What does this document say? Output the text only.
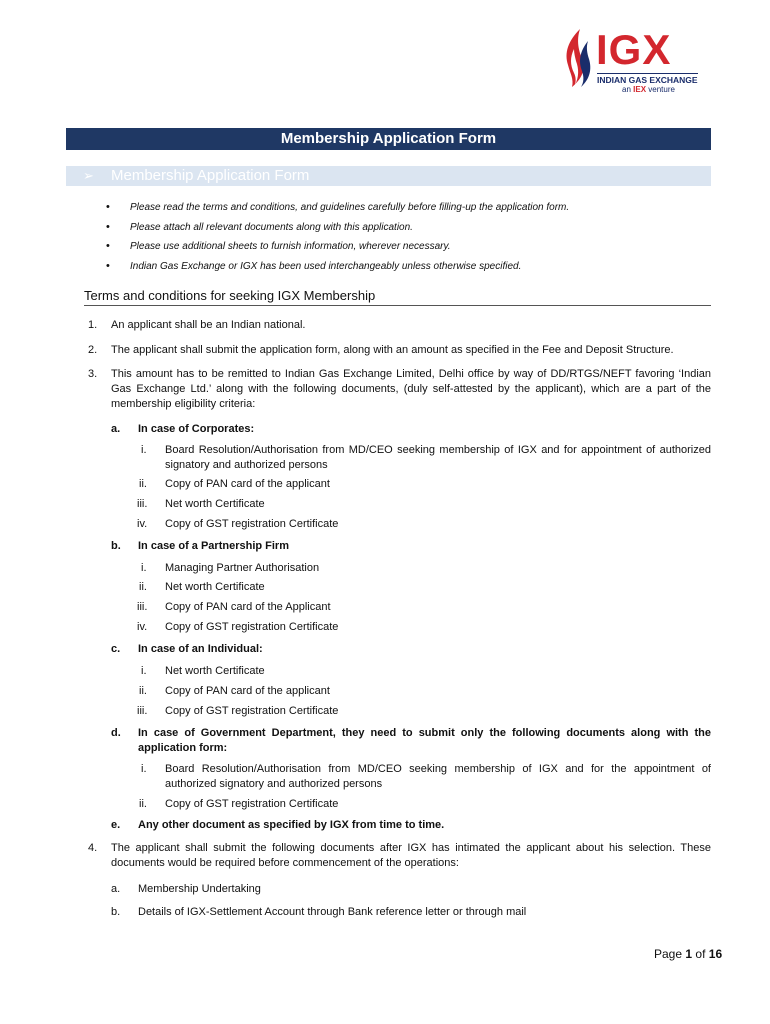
IGX
INDIAN GAS EXCHANGE
an IEX venture
Membership Application Form
➢ Membership Application Form
• Please read the terms and conditions, and guidelines carefully before filling-up the application form.
• Please attach all relevant documents along with this application.
• Please use additional sheets to furnish information, wherever necessary.
• Indian Gas Exchange or IGX has been used interchangeably unless otherwise specified.
Terms and conditions for seeking IGX Membership
1. An applicant shall be an Indian national.
2. The applicant shall submit the application form, along with an amount as specified in the Fee and Deposit Structure.
3. This amount has to be remitted to Indian Gas Exchange Limited, Delhi office by way of DD/RTGS/NEFT favoring ‘Indian Gas Exchange Ltd.’ along with the following documents, (duly self-attested by the applicant), which are a part of the membership eligibility criteria:
a. In case of Corporates:
i. Board Resolution/Authorisation from MD/CEO seeking membership of IGX and for appointment of authorized signatory and authorized persons
ii. Copy of PAN card of the applicant
iii. Net worth Certificate
iv. Copy of GST registration Certificate
b. In case of a Partnership Firm
i. Managing Partner Authorisation
ii. Net worth Certificate
iii. Copy of PAN card of the Applicant
iv. Copy of GST registration Certificate
c. In case of an Individual:
i. Net worth Certificate
ii. Copy of PAN card of the applicant
iii. Copy of GST registration Certificate
d. In case of Government Department, they need to submit only the following documents along with the application form:
i. Board Resolution/Authorisation from MD/CEO seeking membership of IGX and for the appointment of authorized signatory and authorized persons
ii. Copy of GST registration Certificate
e. Any other document as specified by IGX from time to time.
4. The applicant shall submit the following documents after IGX has intimated the applicant about his selection. These documents would be required before commencement of the operations:
a. Membership Undertaking
b. Details of IGX-Settlement Account through Bank reference letter or through mail
Page 1 of 16
